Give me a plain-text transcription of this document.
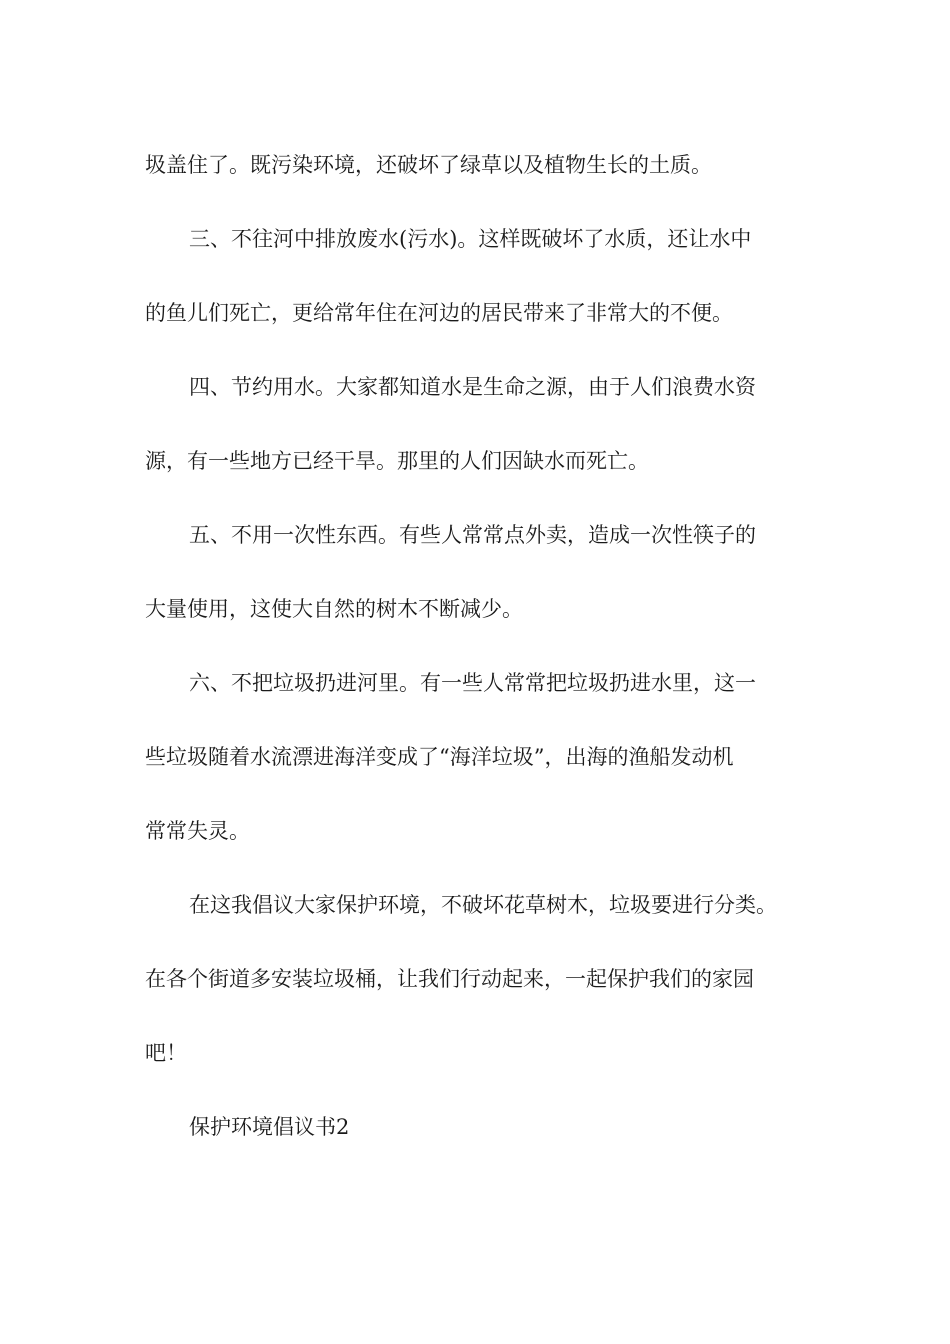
圾盖住了。既污染环境，还破坏了绿草以及植物生长的土质。
三、不往河中排放废水(污水)。这样既破坏了水质，还让水中
的鱼儿们死亡，更给常年住在河边的居民带来了非常大的不便。
四、节约用水。大家都知道水是生命之源，由于人们浪费水资
源，有一些地方已经干旱。那里的人们因缺水而死亡。
五、不用一次性东西。有些人常常点外卖，造成一次性筷子的
大量使用，这使大自然的树木不断减少。
六、不把垃圾扔进河里。有一些人常常把垃圾扔进水里，这一
些垃圾随着水流漂进海洋变成了“海洋垃圾”，出海的渔船发动机
常常失灵。
在这我倡议大家保护环境，不破坏花草树木，垃圾要进行分类。
在各个街道多安装垃圾桶，让我们行动起来，一起保护我们的家园
吧！
保护环境倡议书2
